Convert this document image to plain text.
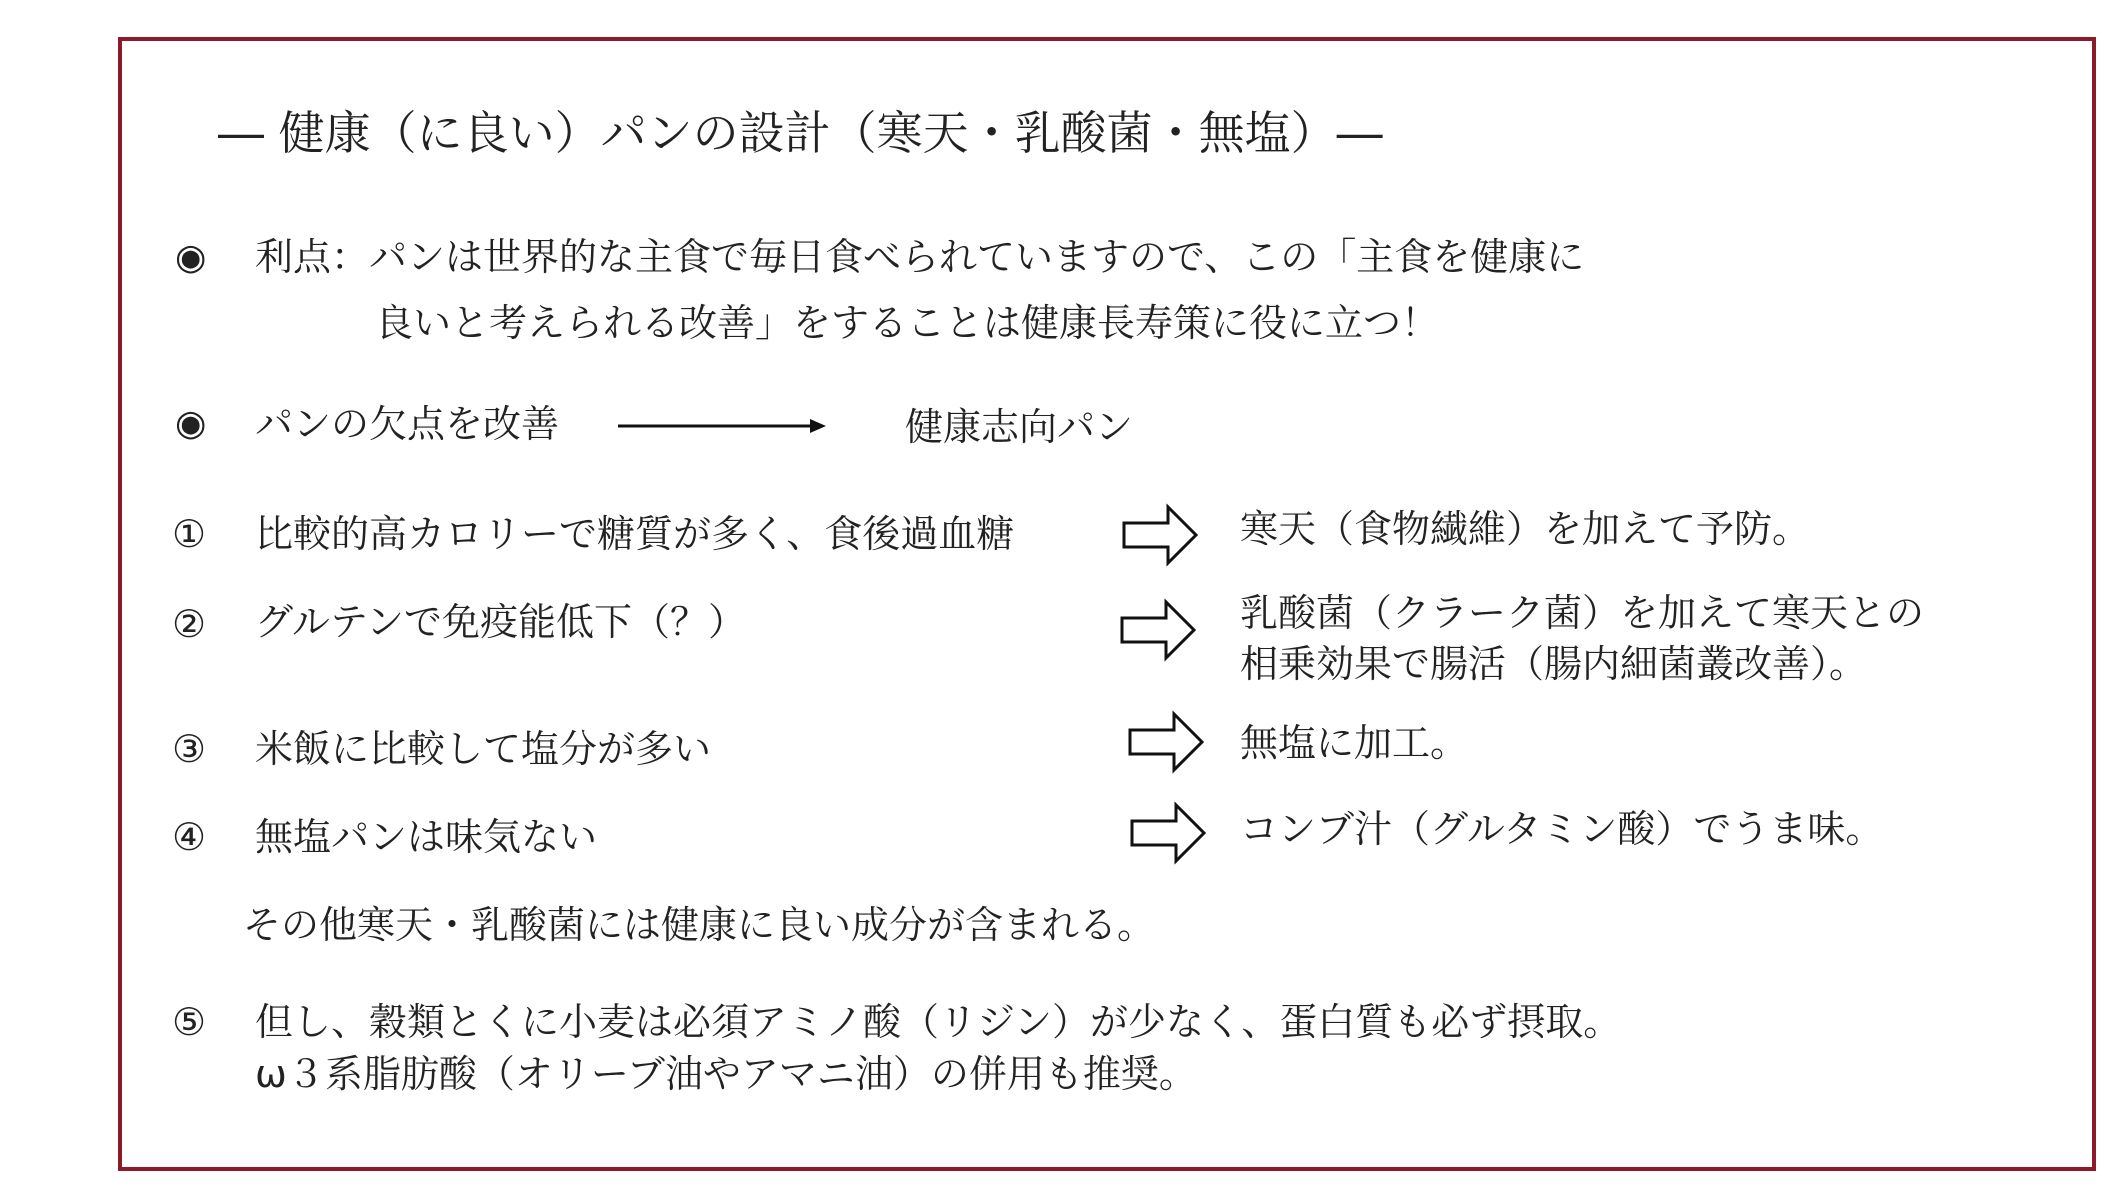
― 健康（に良い）パンの設計（寒天・乳酸菌・無塩）―
◉ 利点：パンは世界的な主食で毎日食べられていますので、この「主食を健康に
良いと考えられる改善」をすることは健康長寿策に役に立つ！
◉ パンの欠点を改善	健康志向パン
① 比較的高カロリーで糖質が多く、食後過血糖	寒天（食物繊維）を加えて予防。
② グルテンで免疫能低下（？）	乳酸菌（クラーク菌）を加えて寒天との
相乗効果で腸活（腸内細菌叢改善）。
③ 米飯に比較して塩分が多い	無塩に加工。
④ 無塩パンは味気ない	コンブ汁（グルタミン酸）でうま味。
その他寒天・乳酸菌には健康に良い成分が含まれる。
⑤ 但し、穀類とくに小麦は必須アミノ酸（リジン）が少なく、蛋白質も必ず摂取。
ω３系脂肪酸（オリーブ油やアマニ油）の併用も推奨。
